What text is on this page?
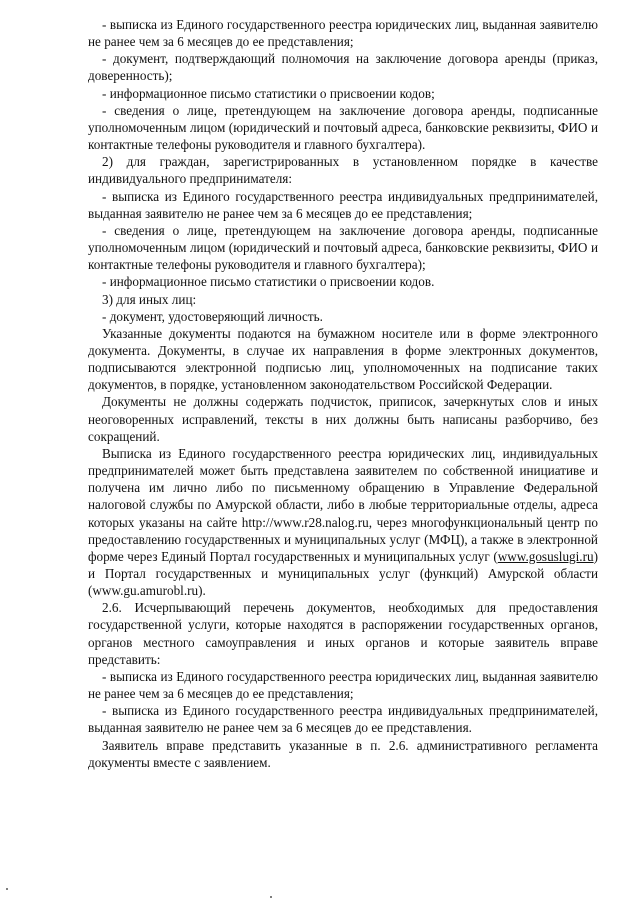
- выписка из Единого государственного реестра юридических лиц, выданная заявителю не ранее чем за 6 месяцев до ее представления;

- документ, подтверждающий полномочия на заключение договора аренды (приказ, доверенность);

- информационное письмо статистики о присвоении кодов;

- сведения о лице, претендующем на заключение договора аренды, подписанные уполномоченным лицом (юридический и почтовый адреса, банковские реквизиты, ФИО и контактные телефоны руководителя и главного бухгалтера).

2) для граждан, зарегистрированных в установленном порядке в качестве индивидуального предпринимателя:

- выписка из Единого государственного реестра индивидуальных предпринимателей, выданная заявителю не ранее чем за 6 месяцев до ее представления;

- сведения о лице, претендующем на заключение договора аренды, подписанные уполномоченным лицом (юридический и почтовый адреса, банковские реквизиты, ФИО и контактные телефоны руководителя и главного бухгалтера);

- информационное письмо статистики о присвоении кодов.

3) для иных лиц:

- документ, удостоверяющий личность.

Указанные документы подаются на бумажном носителе или в форме электронного документа. Документы, в случае их направления в форме электронных документов, подписываются электронной подписью лиц, уполномоченных на подписание таких документов, в порядке, установленном законодательством Российской Федерации.

Документы не должны содержать подчисток, приписок, зачеркнутых слов и иных неоговоренных исправлений, тексты в них должны быть написаны разборчиво, без сокращений.

Выписка из Единого государственного реестра юридических лиц, индивидуальных предпринимателей может быть представлена заявителем по собственной инициативе и получена им лично либо по письменному обращению в Управление Федеральной налоговой службы по Амурской области, либо в любые территориальные отделы, адреса которых указаны на сайте http://www.r28.nalog.ru, через многофункциональный центр по предоставлению государственных и муниципальных услуг (МФЦ), а также в электронной форме через Единый Портал государственных и муниципальных услуг (www.gosuslugi.ru) и Портал государственных и муниципальных услуг (функций) Амурской области (www.gu.amurobl.ru).

2.6. Исчерпывающий перечень документов, необходимых для предоставления государственной услуги, которые находятся в распоряжении государственных органов, органов местного самоуправления и иных органов и которые заявитель вправе представить:

- выписка из Единого государственного реестра юридических лиц, выданная заявителю не ранее чем за 6 месяцев до ее представления;

- выписка из Единого государственного реестра индивидуальных предпринимателей, выданная заявителю не ранее чем за 6 месяцев до ее представления.

Заявитель вправе представить указанные в п. 2.6. административного регламента документы вместе с заявлением.
